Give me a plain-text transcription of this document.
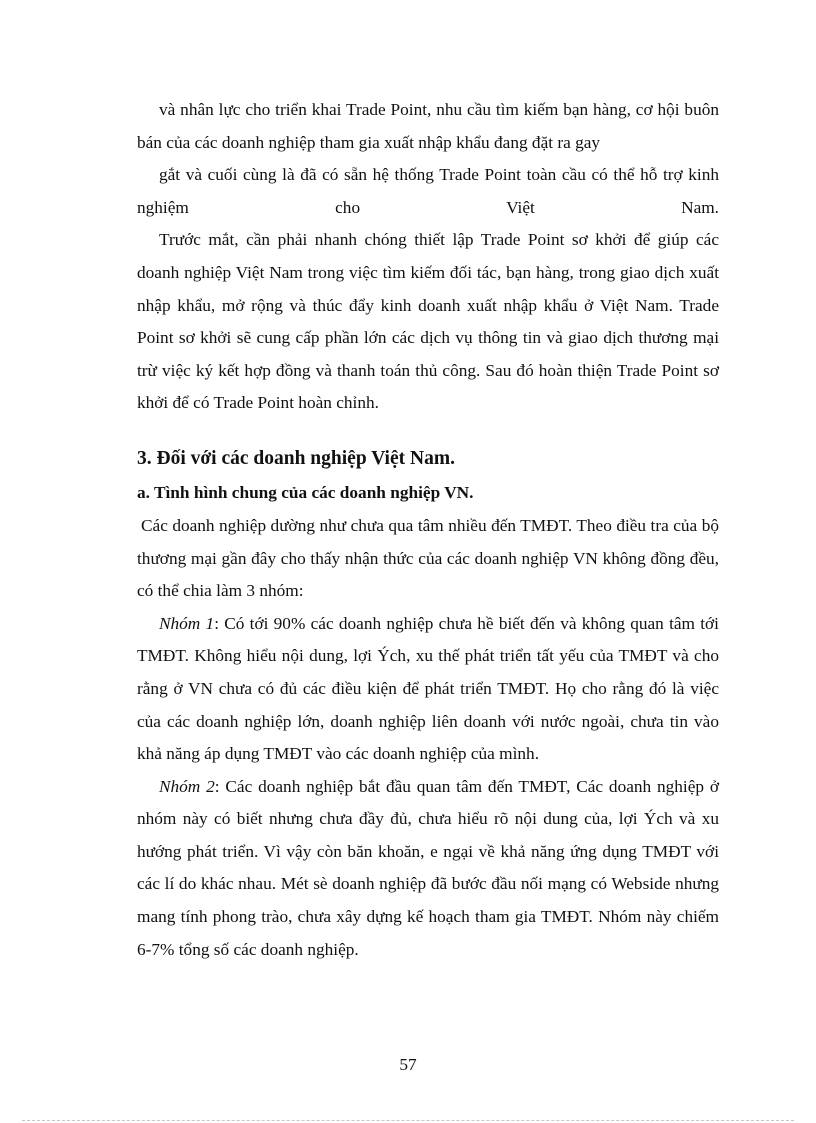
và nhân lực cho triển khai Trade Point, nhu cầu tìm kiếm bạn hàng, cơ hội buôn bán của các doanh nghiệp tham gia xuất nhập khẩu đang đặt ra gay
gắt và cuối cùng là đã có sẵn hệ thống Trade Point toàn cầu có thể hỗ trợ kinh nghiệm cho Việt Nam.
Trước mắt, cần phải nhanh chóng thiết lập Trade Point sơ khởi để giúp các doanh nghiệp Việt Nam trong việc tìm kiếm đối tác, bạn hàng, trong giao dịch xuất nhập khẩu, mở rộng và thúc đẩy kinh doanh xuất nhập khẩu ở Việt Nam. Trade Point sơ khởi sẽ cung cấp phần lớn các dịch vụ thông tin và giao dịch thương mại trừ việc ký kết hợp đồng và thanh toán thủ công. Sau đó hoàn thiện Trade Point sơ khởi để có Trade Point hoàn chỉnh.
3. Đối với các doanh nghiệp Việt Nam.
a. Tình hình chung của các doanh nghiệp VN.
Các doanh nghiệp dường như chưa qua tâm nhiều đến TMĐT. Theo điều tra của bộ thương mại gần đây cho thấy nhận thức của các doanh nghiệp VN không đồng đều, có thể chia làm 3 nhóm:
Nhóm 1: Có tới 90% các doanh nghiệp chưa hề biết đến và không quan tâm tới TMĐT. Không hiểu nội dung, lợi Ých, xu thế phát triển tất yếu của TMĐT và cho rằng ở VN chưa có đủ các điều kiện để phát triển TMĐT. Họ cho rằng đó là việc của các doanh nghiệp lớn, doanh nghiệp liên doanh với nước ngoài, chưa tin vào khả năng áp dụng TMĐT vào các doanh nghiệp của mình.
Nhóm 2: Các doanh nghiệp bắt đầu quan tâm đến TMĐT, Các doanh nghiệp ở nhóm này có biết nhưng chưa đầy đủ, chưa hiểu rõ nội dung của, lợi Ých và xu hướng phát triển. Vì vậy còn băn khoăn, e ngại về khả năng ứng dụng TMĐT với các lí do khác nhau. Mét sè doanh nghiệp đã bước đầu nối mạng có Webside nhưng mang tính phong trào, chưa xây dựng kế hoạch tham gia TMĐT. Nhóm này chiếm 6-7% tổng số các doanh nghiệp.
57
